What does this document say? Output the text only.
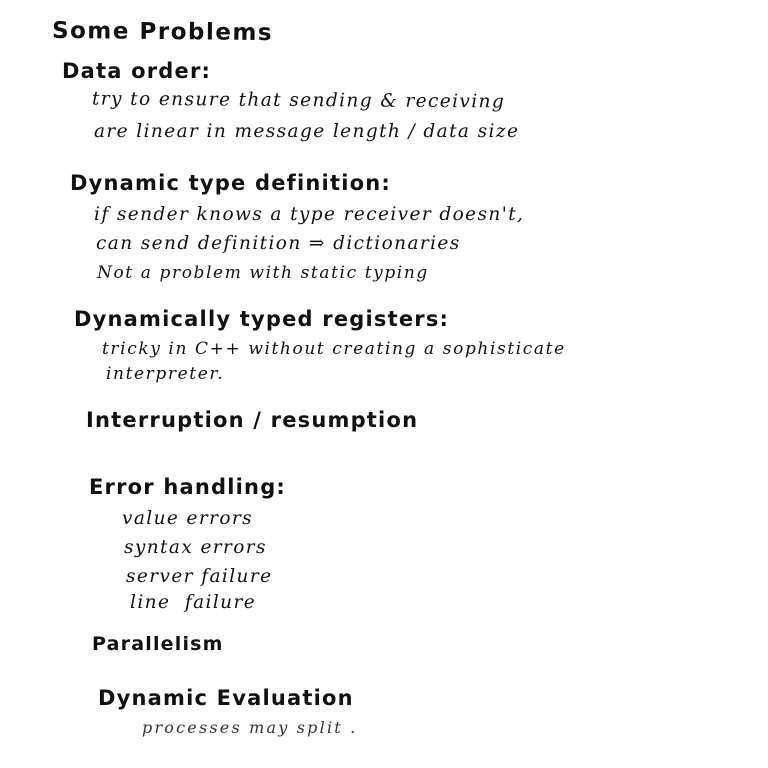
Some Problems
Data order:
try to ensure that sending & receiving
are linear in message length / data size
Dynamic type definition:
if sender knows a type receiver doesn't,
can send definition ⇒ dictionaries
Not a problem with static typing
Dynamically typed registers:
tricky in C++ without creating a sophisticate
interpreter.
Interruption / resumption
Error handling:
value errors
syntax errors
server failure
line  failure
Parallelism
Dynamic Evaluation
processes may split .
